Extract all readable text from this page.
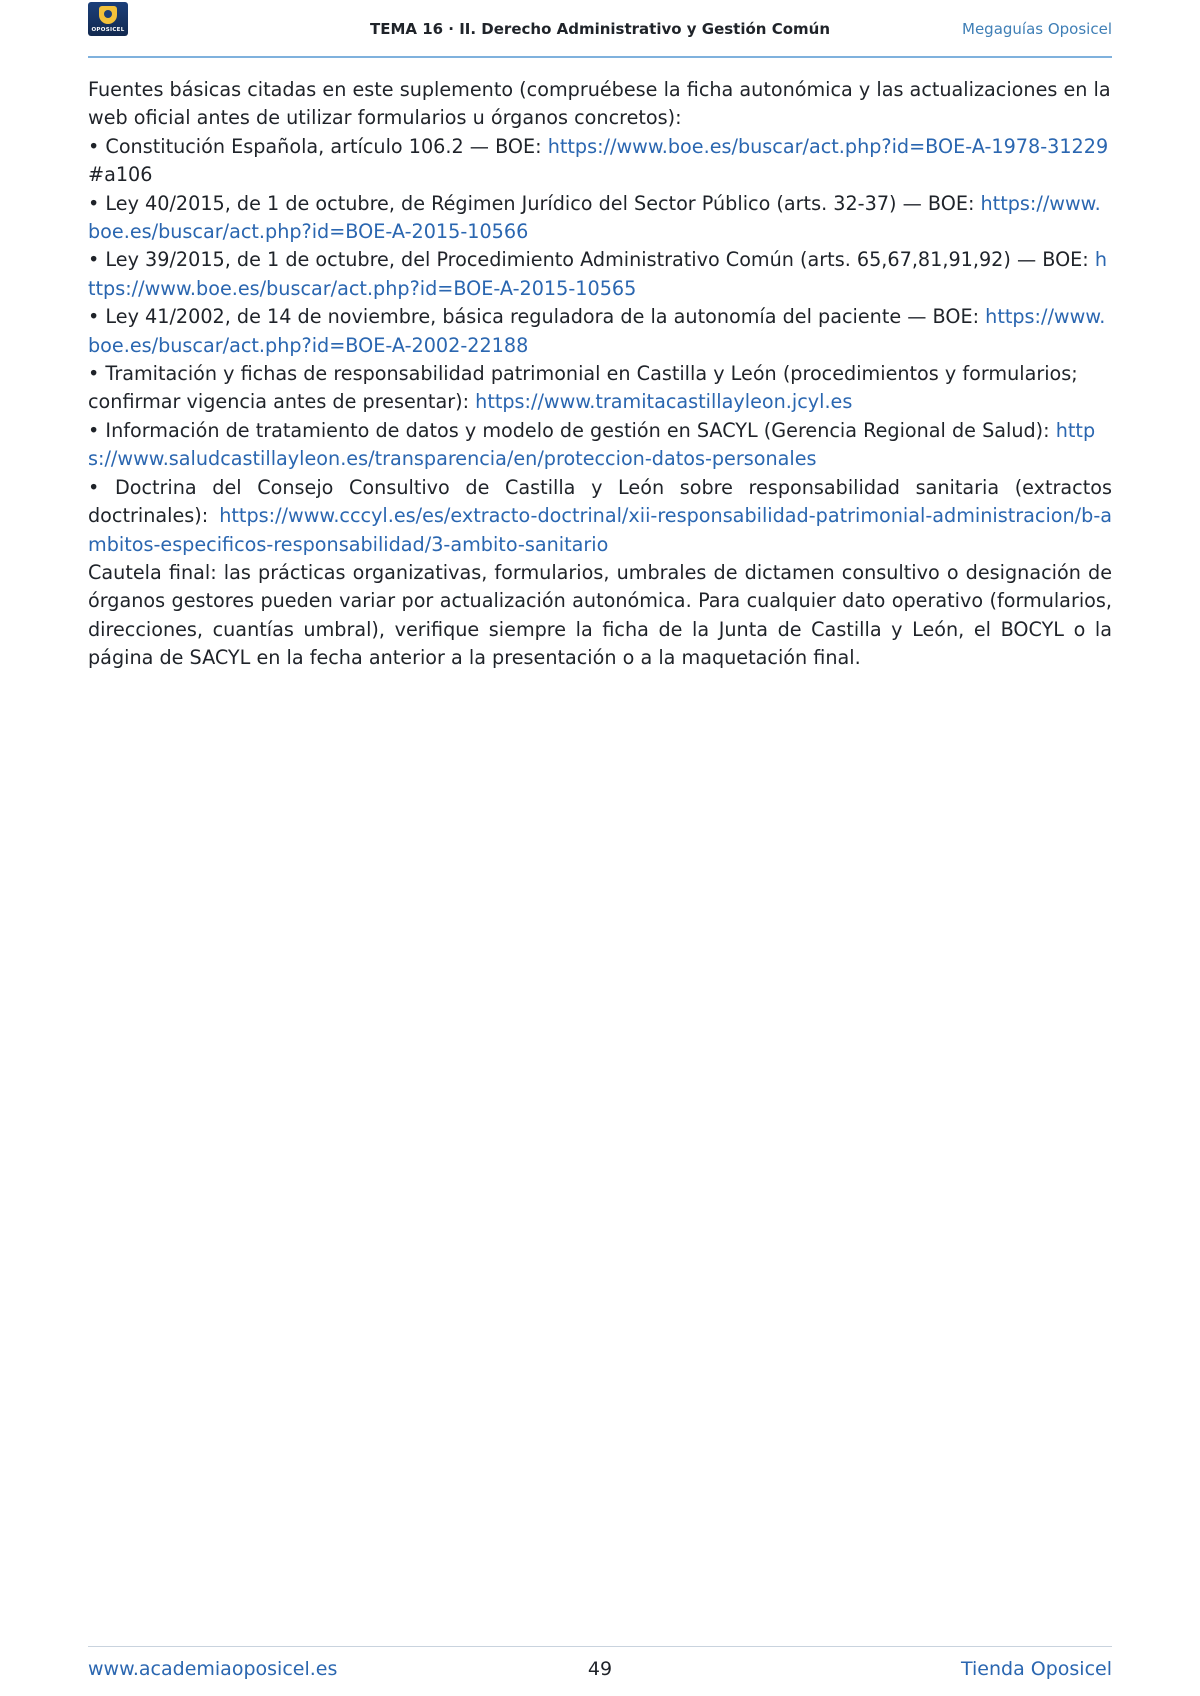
OPOSICEL	TEMA 16 · II. Derecho Administrativo y Gestión Común	Megaguías Oposicel

Fuentes básicas citadas en este suplemento (compruébese la ficha autonómica y las actualizaciones en la web oficial antes de utilizar formularios u órganos concretos):

• Constitución Española, artículo 106.2 — BOE: https://www.boe.es/buscar/act.php?id=BOE-A-1978-31229#a106

• Ley 40/2015, de 1 de octubre, de Régimen Jurídico del Sector Público (arts. 32-37) — BOE: https://www.boe.es/buscar/act.php?id=BOE-A-2015-10566

• Ley 39/2015, de 1 de octubre, del Procedimiento Administrativo Común (arts. 65,67,81,91,92) — BOE: https://www.boe.es/buscar/act.php?id=BOE-A-2015-10565

• Ley 41/2002, de 14 de noviembre, básica reguladora de la autonomía del paciente — BOE: https://www.boe.es/buscar/act.php?id=BOE-A-2002-22188

• Tramitación y fichas de responsabilidad patrimonial en Castilla y León (procedimientos y formularios; confirmar vigencia antes de presentar): https://www.tramitacastillayleon.jcyl.es

• Información de tratamiento de datos y modelo de gestión en SACYL (Gerencia Regional de Salud): https://www.saludcastillayleon.es/transparencia/en/proteccion-datos-personales

• Doctrina del Consejo Consultivo de Castilla y León sobre responsabilidad sanitaria (extractos doctrinales): https://www.cccyl.es/es/extracto-doctrinal/xii-responsabilidad-patrimonial-administracion/b-ambitos-especificos-responsabilidad/3-ambito-sanitario

Cautela final: las prácticas organizativas, formularios, umbrales de dictamen consultivo o designación de órganos gestores pueden variar por actualización autonómica. Para cualquier dato operativo (formularios, direcciones, cuantías umbral), verifique siempre la ficha de la Junta de Castilla y León, el BOCYL o la página de SACYL en la fecha anterior a la presentación o a la maquetación final.

www.academiaoposicel.es	49	Tienda Oposicel
